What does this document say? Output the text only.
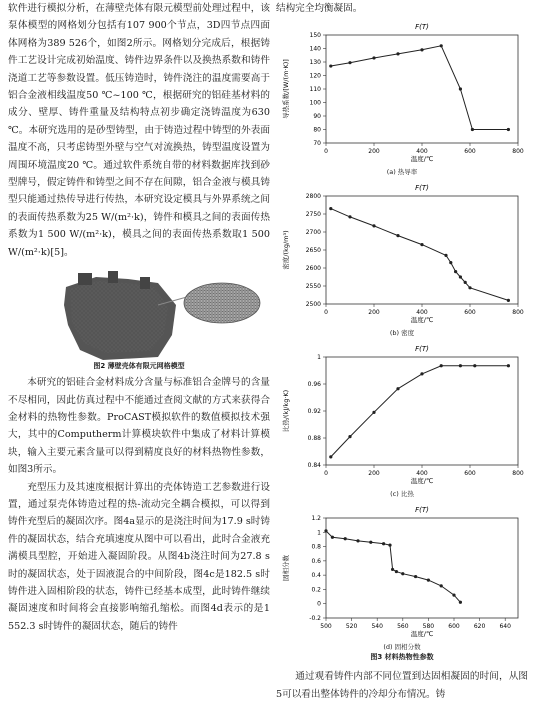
软件进行模拟分析，在薄壁壳体有限元模型前处理过程中，该泵体模型的网格划分包括有107 900个节点，3D四节点四面体网格为389 526个，如图2所示。网格划分完成后，根据铸件工艺设计完成初始温度、铸件边界条件以及换热系数和铸件浇道工艺等参数设置。低压铸造时，铸件浇注的温度需要高于铝合金液相线温度50 ℃~100 ℃，根据研究的铝硅基材料的成分、壁厚、铸件重量及结构特点初步确定浇铸温度为630 ℃。本研究选用的是砂型铸型，由于铸造过程中铸型的外表面温度不高，只考虑铸型外壁与空气对流换热，铸型温度设置为周围环境温度20 ℃。通过软件系统自带的材料数据库找到砂型牌号，假定铸件和铸型之间不存在间隙，铝合金液与模具铸型只能通过热传导进行传热，本研究设定模具与外界系统之间的表面传热系数为25 W/(m²·k)，铸件和模具之间的表面传热系数为1 500 W/(m²·k)，模具之间的表面传热系数取1 500 W/(m²·k)[5]。

图2 薄壁壳体有限元网格模型

本研究的铝硅合金材料成分含量与标准铝合金牌号的含量不尽相同，因此仿真过程中不能通过查阅文献的方式来获得合金材料的热物性参数。ProCAST模拟软件的数值模拟技术强大，其中的Computherm计算模块软件中集成了材料计算模块，输入主要元素含量可以得到精度良好的材料热物性参数，如图3所示。

充型压力及其速度根据计算出的壳体铸造工艺参数进行设置，通过泵壳体铸造过程的热-流动完全耦合模拟，可以得到铸件充型后的凝固次序。图4a显示的是浇注时间为17.9 s时铸件的凝固状态，结合充填速度从图中可以看出，此时合金液充满模具型腔，开始进入凝固阶段。从图4b浇注时间为27.8 s时的凝固状态，处于固液混合的中间阶段，图4c是182.5 s时铸件进入固相阶段的状态，铸件已经基本成型，此时铸件继续凝固速度和时间将会直接影响缩孔缩松。而图4d表示的是1 552.3 s时铸件的凝固状态，随后的铸件

结构完全均衡凝固。

F(T)
0	200	400	600	800
70
80
90
100
110
120
130
140
150
温度/℃
导热系数/[W/(m·K)]
(a) 热导率
F(T)
0	200	400	600	800
2500
2550
2600
2650
2700
2750
2800
温度/℃
密度/(kg/m³)
(b) 密度
F(T)
0	200	400	600	800
0.84
0.88
0.92
0.96
1
温度/℃
比热/(kJ/kg·K)
(c) 比热
F(T)
500 520 540 560 580 600 620 640
-0.2
0
0.2
0.4
0.6
0.8
1
1.2
温度/℃
固相分数
(d) 固相分数
图3 材料热物性参数

通过观看铸件内部不同位置到达固相凝固的时间，从图5可以看出整体铸件的冷却分布情况。铸
